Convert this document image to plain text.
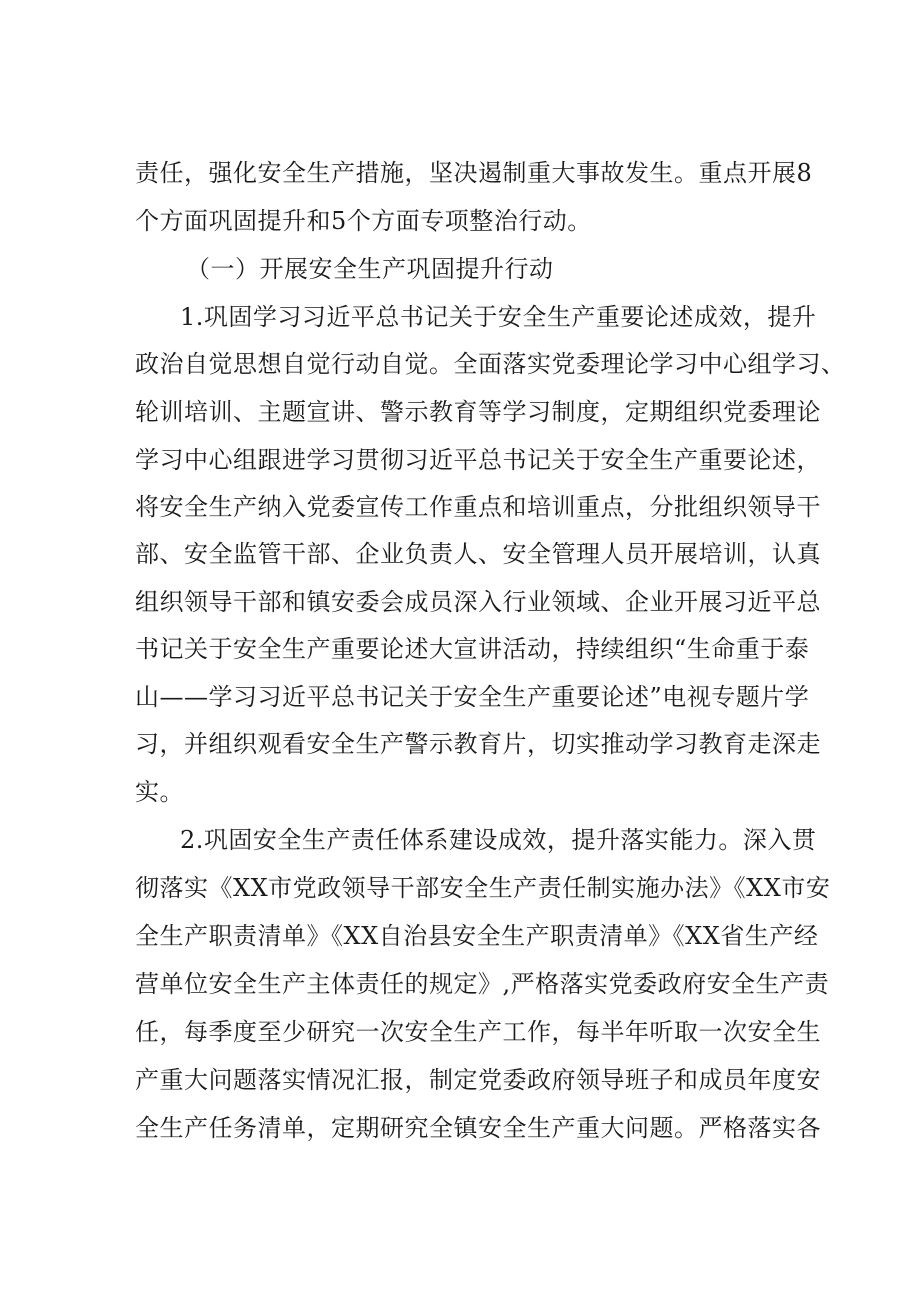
责任，强化安全生产措施，坚决遏制重大事故发生。重点开展8
个方面巩固提升和5个方面专项整治行动。
（一）开展安全生产巩固提升行动
1.巩固学习习近平总书记关于安全生产重要论述成效，提升
政治自觉思想自觉行动自觉。全面落实党委理论学习中心组学习、
轮训培训、主题宣讲、警示教育等学习制度，定期组织党委理论
学习中心组跟进学习贯彻习近平总书记关于安全生产重要论述，
将安全生产纳入党委宣传工作重点和培训重点，分批组织领导干
部、安全监管干部、企业负责人、安全管理人员开展培训，认真
组织领导干部和镇安委会成员深入行业领域、企业开展习近平总
书记关于安全生产重要论述大宣讲活动，持续组织“生命重于泰
山——学习习近平总书记关于安全生产重要论述”电视专题片学
习，并组织观看安全生产警示教育片，切实推动学习教育走深走
实。
2.巩固安全生产责任体系建设成效，提升落实能力。深入贯
彻落实《XX市党政领导干部安全生产责任制实施办法》《XX市安
全生产职责清单》《XX自治县安全生产职责清单》《XX省生产经
营单位安全生产主体责任的规定》,严格落实党委政府安全生产责
任，每季度至少研究一次安全生产工作，每半年听取一次安全生
产重大问题落实情况汇报，制定党委政府领导班子和成员年度安
全生产任务清单，定期研究全镇安全生产重大问题。严格落实各
